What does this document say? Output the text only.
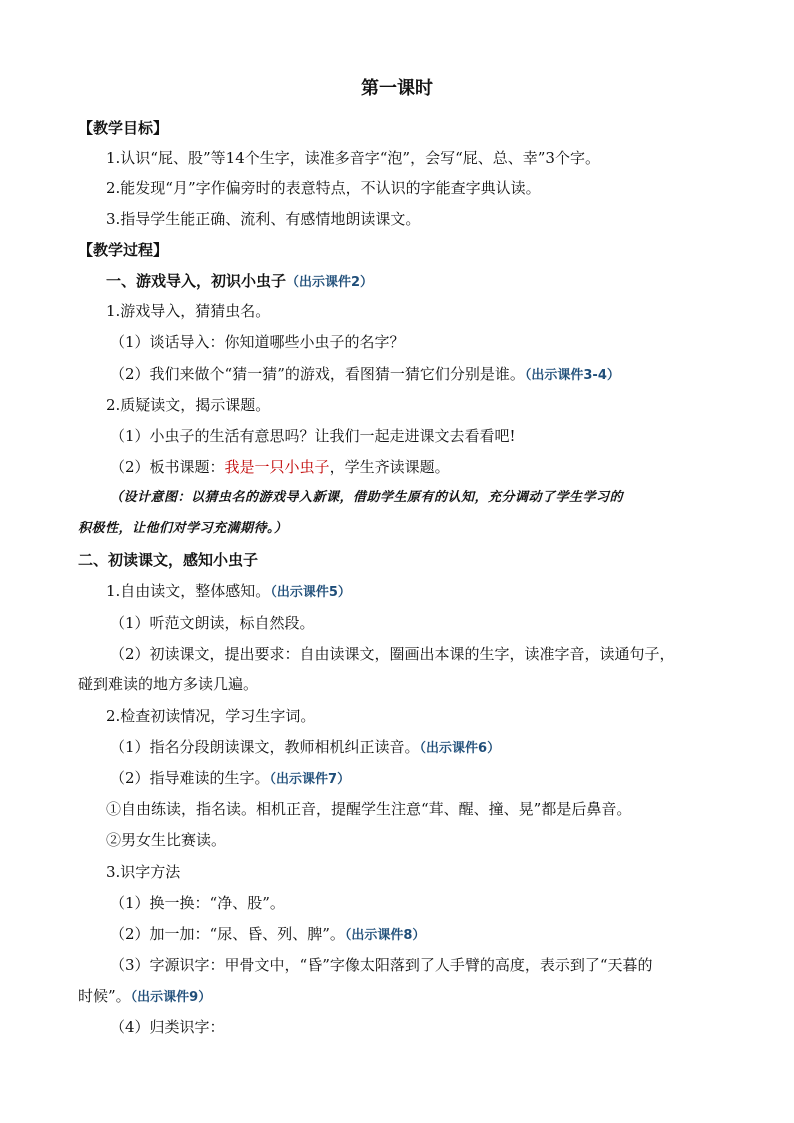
第一课时
【教学目标】
1.认识“屁、股”等14个生字，读准多音字“泡”，会写“屁、总、幸”3个字。
2.能发现“月”字作偏旁时的表意特点，不认识的字能查字典认读。
3.指导学生能正确、流利、有感情地朗读课文。
【教学过程】
一、游戏导入，初识小虫子（出示课件2）
1.游戏导入，猜猜虫名。
（1）谈话导入：你知道哪些小虫子的名字？
（2）我们来做个“猜一猜”的游戏，看图猜一猜它们分别是谁。（出示课件3-4）
2.质疑读文，揭示课题。
（1）小虫子的生活有意思吗？让我们一起走进课文去看看吧!
（2）板书课题：我是一只小虫子，学生齐读课题。
（设计意图：以猜虫名的游戏导入新课，借助学生原有的认知，充分调动了学生学习的
积极性，让他们对学习充满期待。）
二、初读课文，感知小虫子
1.自由读文，整体感知。（出示课件5）
（1）听范文朗读，标自然段。
（2）初读课文，提出要求：自由读课文，圈画出本课的生字，读准字音，读通句子，
碰到难读的地方多读几遍。
2.检查初读情况，学习生字词。
（1）指名分段朗读课文，教师相机纠正读音。（出示课件6）
（2）指导难读的生字。（出示课件7）
①自由练读，指名读。相机正音，提醒学生注意“茸、醒、撞、晃”都是后鼻音。
②男女生比赛读。
3.识字方法
（1）换一换：“净、股”。
（2）加一加：“尿、昏、列、脾”。（出示课件8）
（3）字源识字：甲骨文中，“昏”字像太阳落到了人手臂的高度，表示到了“天暮的
时候”。（出示课件9）
（4）归类识字：
